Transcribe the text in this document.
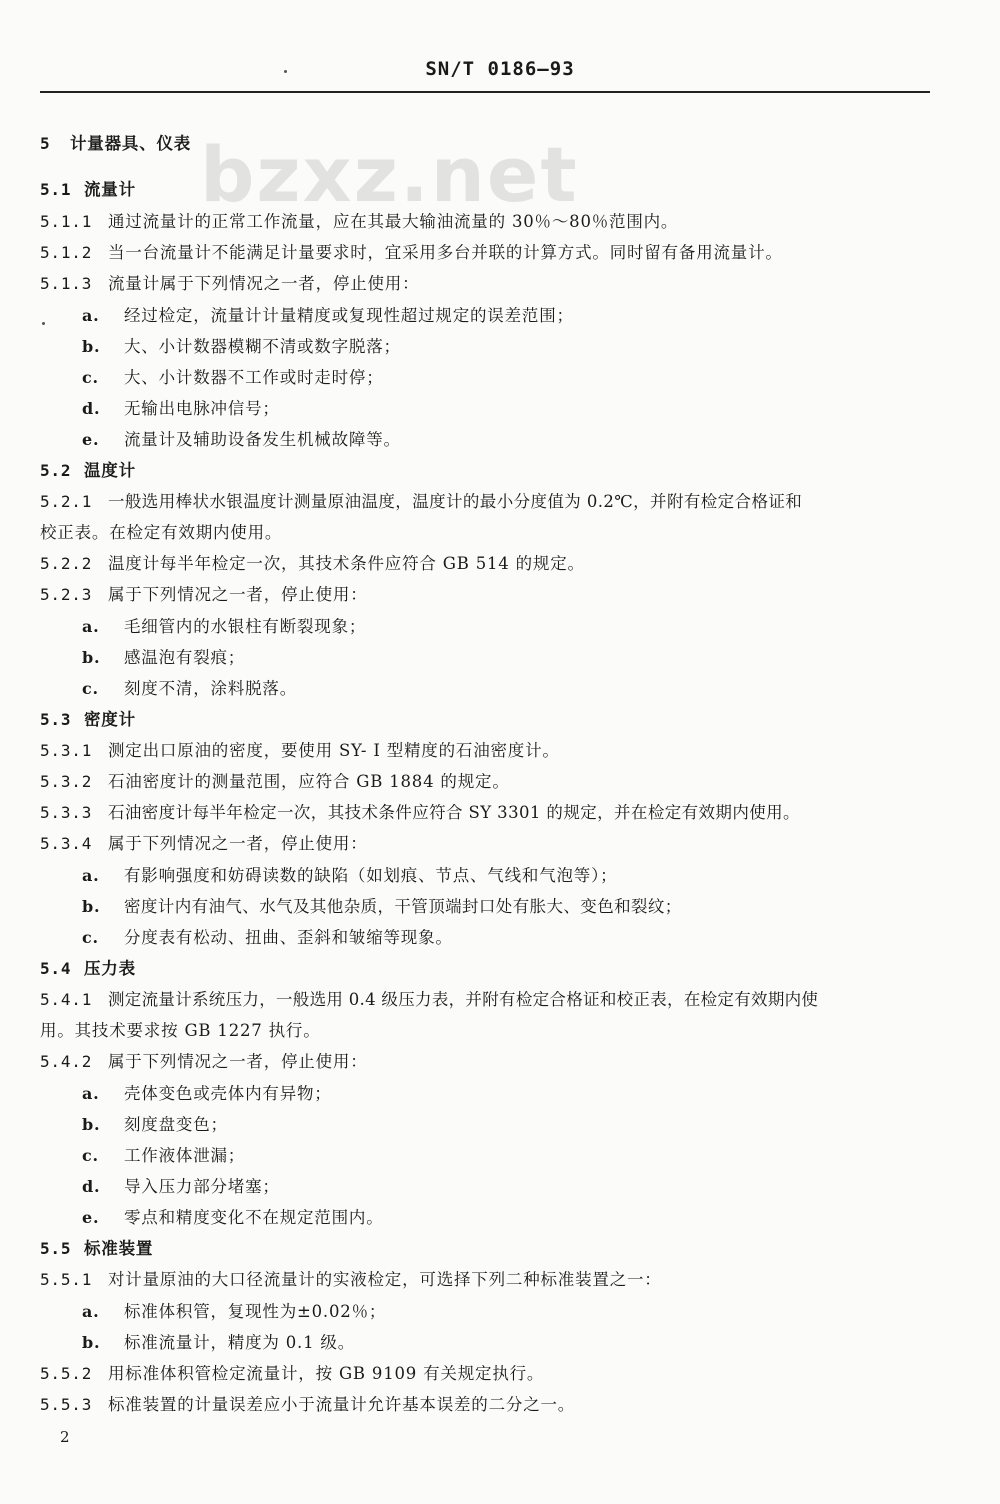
SN/T 0186—93
bzxz.net
5 计量器具、仪表
5.1 流量计
5.1.1 通过流量计的正常工作流量，应在其最大输油流量的 30％～80％范围内。
5.1.2 当一台流量计不能满足计量要求时，宜采用多台并联的计算方式。同时留有备用流量计。
5.1.3 流量计属于下列情况之一者，停止使用：
a. 经过检定，流量计计量精度或复现性超过规定的误差范围；
b. 大、小计数器模糊不清或数字脱落；
c. 大、小计数器不工作或时走时停；
d. 无输出电脉冲信号；
e. 流量计及辅助设备发生机械故障等。
5.2 温度计
5.2.1 一般选用棒状水银温度计测量原油温度，温度计的最小分度值为 0.2℃，并附有检定合格证和
校正表。在检定有效期内使用。
5.2.2 温度计每半年检定一次，其技术条件应符合 GB 514 的规定。
5.2.3 属于下列情况之一者，停止使用：
a. 毛细管内的水银柱有断裂现象；
b. 感温泡有裂痕；
c. 刻度不清，涂料脱落。
5.3 密度计
5.3.1 测定出口原油的密度，要使用 SY- I 型精度的石油密度计。
5.3.2 石油密度计的测量范围，应符合 GB 1884 的规定。
5.3.3 石油密度计每半年检定一次，其技术条件应符合 SY 3301 的规定，并在检定有效期内使用。
5.3.4 属于下列情况之一者，停止使用：
a. 有影响强度和妨碍读数的缺陷（如划痕、节点、气线和气泡等）；
b. 密度计内有油气、水气及其他杂质，干管顶端封口处有胀大、变色和裂纹；
c. 分度表有松动、扭曲、歪斜和皱缩等现象。
5.4 压力表
5.4.1 测定流量计系统压力，一般选用 0.4 级压力表，并附有检定合格证和校正表，在检定有效期内使
用。其技术要求按 GB 1227 执行。
5.4.2 属于下列情况之一者，停止使用：
a. 壳体变色或壳体内有异物；
b. 刻度盘变色；
c. 工作液体泄漏；
d. 导入压力部分堵塞；
e. 零点和精度变化不在规定范围内。
5.5 标准装置
5.5.1 对计量原油的大口径流量计的实液检定，可选择下列二种标准装置之一：
a. 标准体积管，复现性为±0.02％；
b. 标准流量计，精度为 0.1 级。
5.5.2 用标准体积管检定流量计，按 GB 9109 有关规定执行。
5.5.3 标准装置的计量误差应小于流量计允许基本误差的二分之一。
2
